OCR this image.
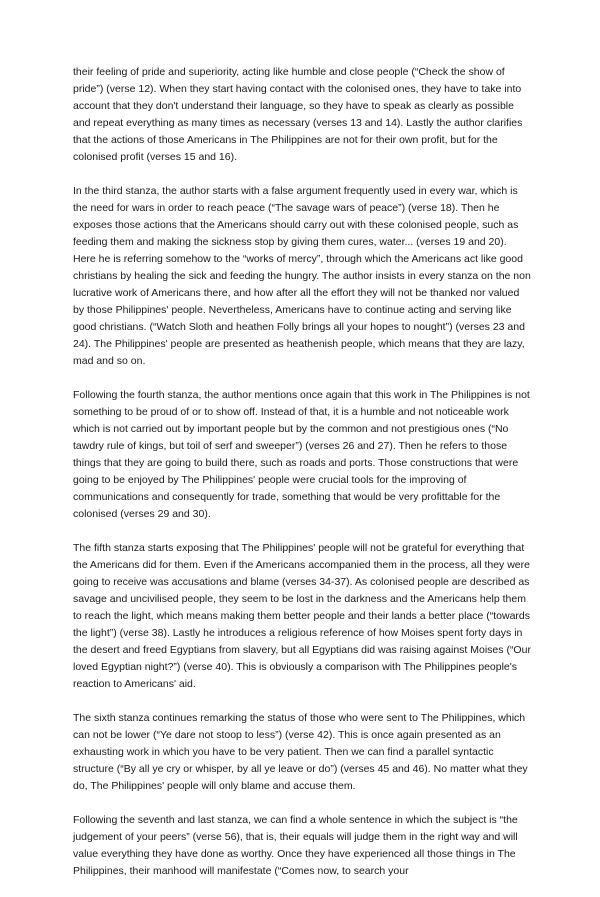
their feeling of pride and superiority, acting like humble and close people (“Check the show of pride”) (verse 12). When they start having contact with the colonised ones, they have to take into account that they don't understand their language, so they have to speak as clearly as possible and repeat everything as many times as necessary (verses 13 and 14). Lastly the author clarifies that the actions of those Americans in The Philippines are not for their own profit, but for the colonised profit (verses 15 and 16).

In the third stanza, the author starts with a false argument frequently used in every war, which is the need for wars in order to reach peace (“The savage wars of peace”) (verse 18). Then he exposes those actions that the Americans should carry out with these colonised people, such as feeding them and making the sickness stop by giving them cures, water... (verses 19 and 20). Here he is referring somehow to the “works of mercy”, through which the Americans act like good christians by healing the sick and feeding the hungry. The author insists in every stanza on the non lucrative work of Americans there, and how after all the effort they will not be thanked nor valued by those Philippines' people. Nevertheless, Americans have to continue acting and serving like good christians. (“Watch Sloth and heathen Folly brings all your hopes to nought”) (verses 23 and 24). The Philippines' people are presented as heathenish people, which means that they are lazy, mad and so on.

Following the fourth stanza, the author mentions once again that this work in The Philippines is not something to be proud of or to show off. Instead of that, it is a humble and not noticeable work which is not carried out by important people but by the common and not prestigious ones (“No tawdry rule of kings, but toil of serf and sweeper”) (verses 26 and 27). Then he refers to those things that they are going to build there, such as roads and ports. Those constructions that were going to be enjoyed by The Philippines' people were crucial tools for the improving of communications and consequently for trade, something that would be very profittable for the colonised (verses 29 and 30).

The fifth stanza starts exposing that The Philippines' people will not be grateful for everything that the Americans did for them. Even if the Americans accompanied them in the process, all they were going to receive was accusations and blame (verses 34-37). As colonised people are described as savage and uncivilised people, they seem to be lost in the darkness and the Americans help them to reach the light, which means making them better people and their lands a better place (“towards the light”) (verse 38). Lastly he introduces a religious reference of how Moises spent forty days in the desert and freed Egyptians from slavery, but all Egyptians did was raising against Moises (“Our loved Egyptian night?”) (verse 40). This is obviously a comparison with The Philippines people's reaction to Americans' aid.

The sixth stanza continues remarking the status of those who were sent to The Philippines, which can not be lower (“Ye dare not stoop to less”) (verse 42). This is once again presented as an exhausting work in which you have to be very patient. Then we can find a parallel syntactic structure (“By all ye cry or whisper, by all ye leave or do”) (verses 45 and 46). No matter what they do, The Philippines' people will only blame and accuse them.

Following the seventh and last stanza, we can find a whole sentence in which the subject is “the judgement of your peers” (verse 56), that is, their equals will judge them in the right way and will value everything they have done as worthy. Once they have experienced all those things in The Philippines, their manhood will manifestate (“Comes now, to search your
